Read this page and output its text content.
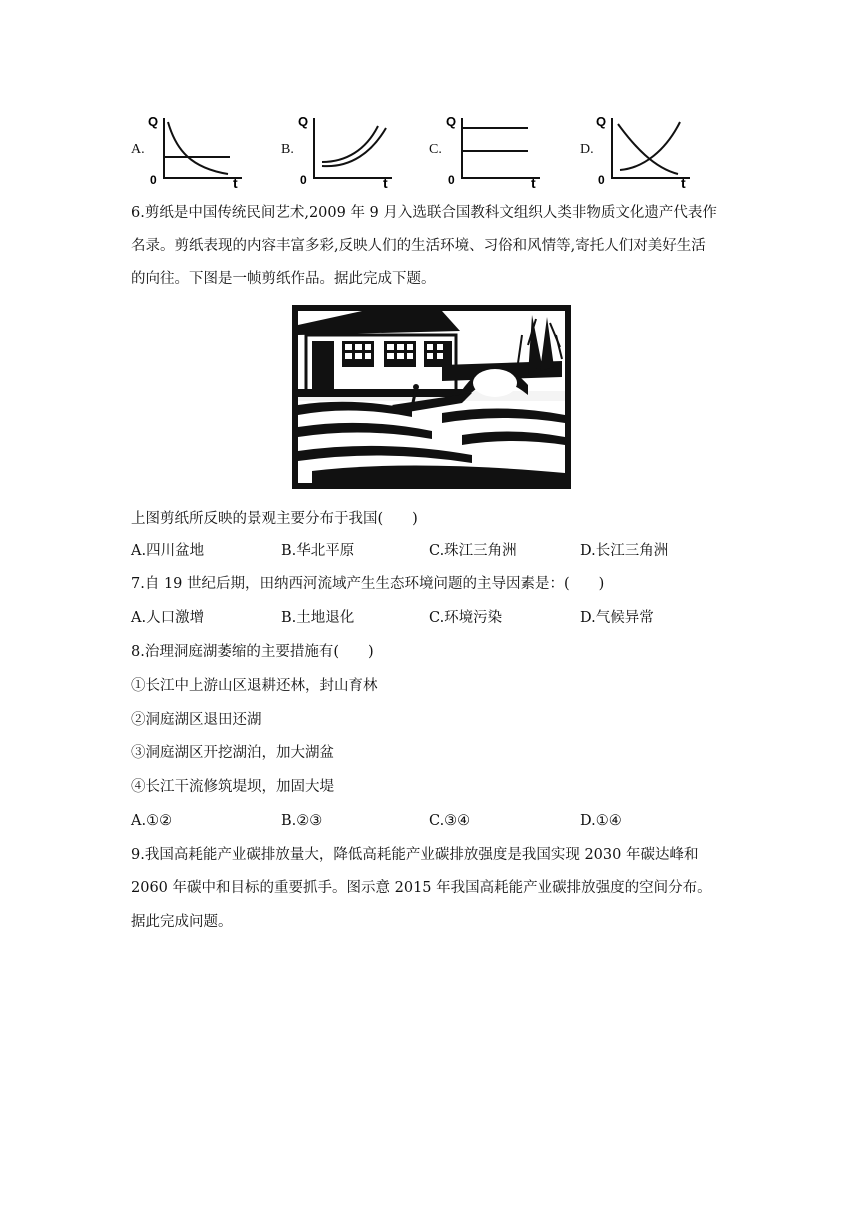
A.
Q
0	t
B.
Q
0	t
C.
Q
0	t
D.
Q
0	t
6.剪纸是中国传统民间艺术,2009 年 9 月入选联合国教科文组织人类非物质文化遗产代表作
名录。剪纸表现的内容丰富多彩,反映人们的生活环境、习俗和风情等,寄托人们对美好生活
的向往。下图是一帧剪纸作品。据此完成下题。
上图剪纸所反映的景观主要分布于我国(　　)
A.四川盆地	B.华北平原	C.珠江三角洲	D.长江三角洲
7.自 19 世纪后期，田纳西河流域产生生态环境问题的主导因素是：(　　)
A.人口激增	B.土地退化	C.环境污染	D.气候异常
8.治理洞庭湖萎缩的主要措施有(　　)
①长江中上游山区退耕还林，封山育林
②洞庭湖区退田还湖
③洞庭湖区开挖湖泊，加大湖盆
④长江干流修筑堤坝，加固大堤
A.①②	B.②③	C.③④	D.①④
9.我国高耗能产业碳排放量大，降低高耗能产业碳排放强度是我国实现 2030 年碳达峰和
2060 年碳中和目标的重要抓手。图示意 2015 年我国高耗能产业碳排放强度的空间分布。
据此完成问题。
